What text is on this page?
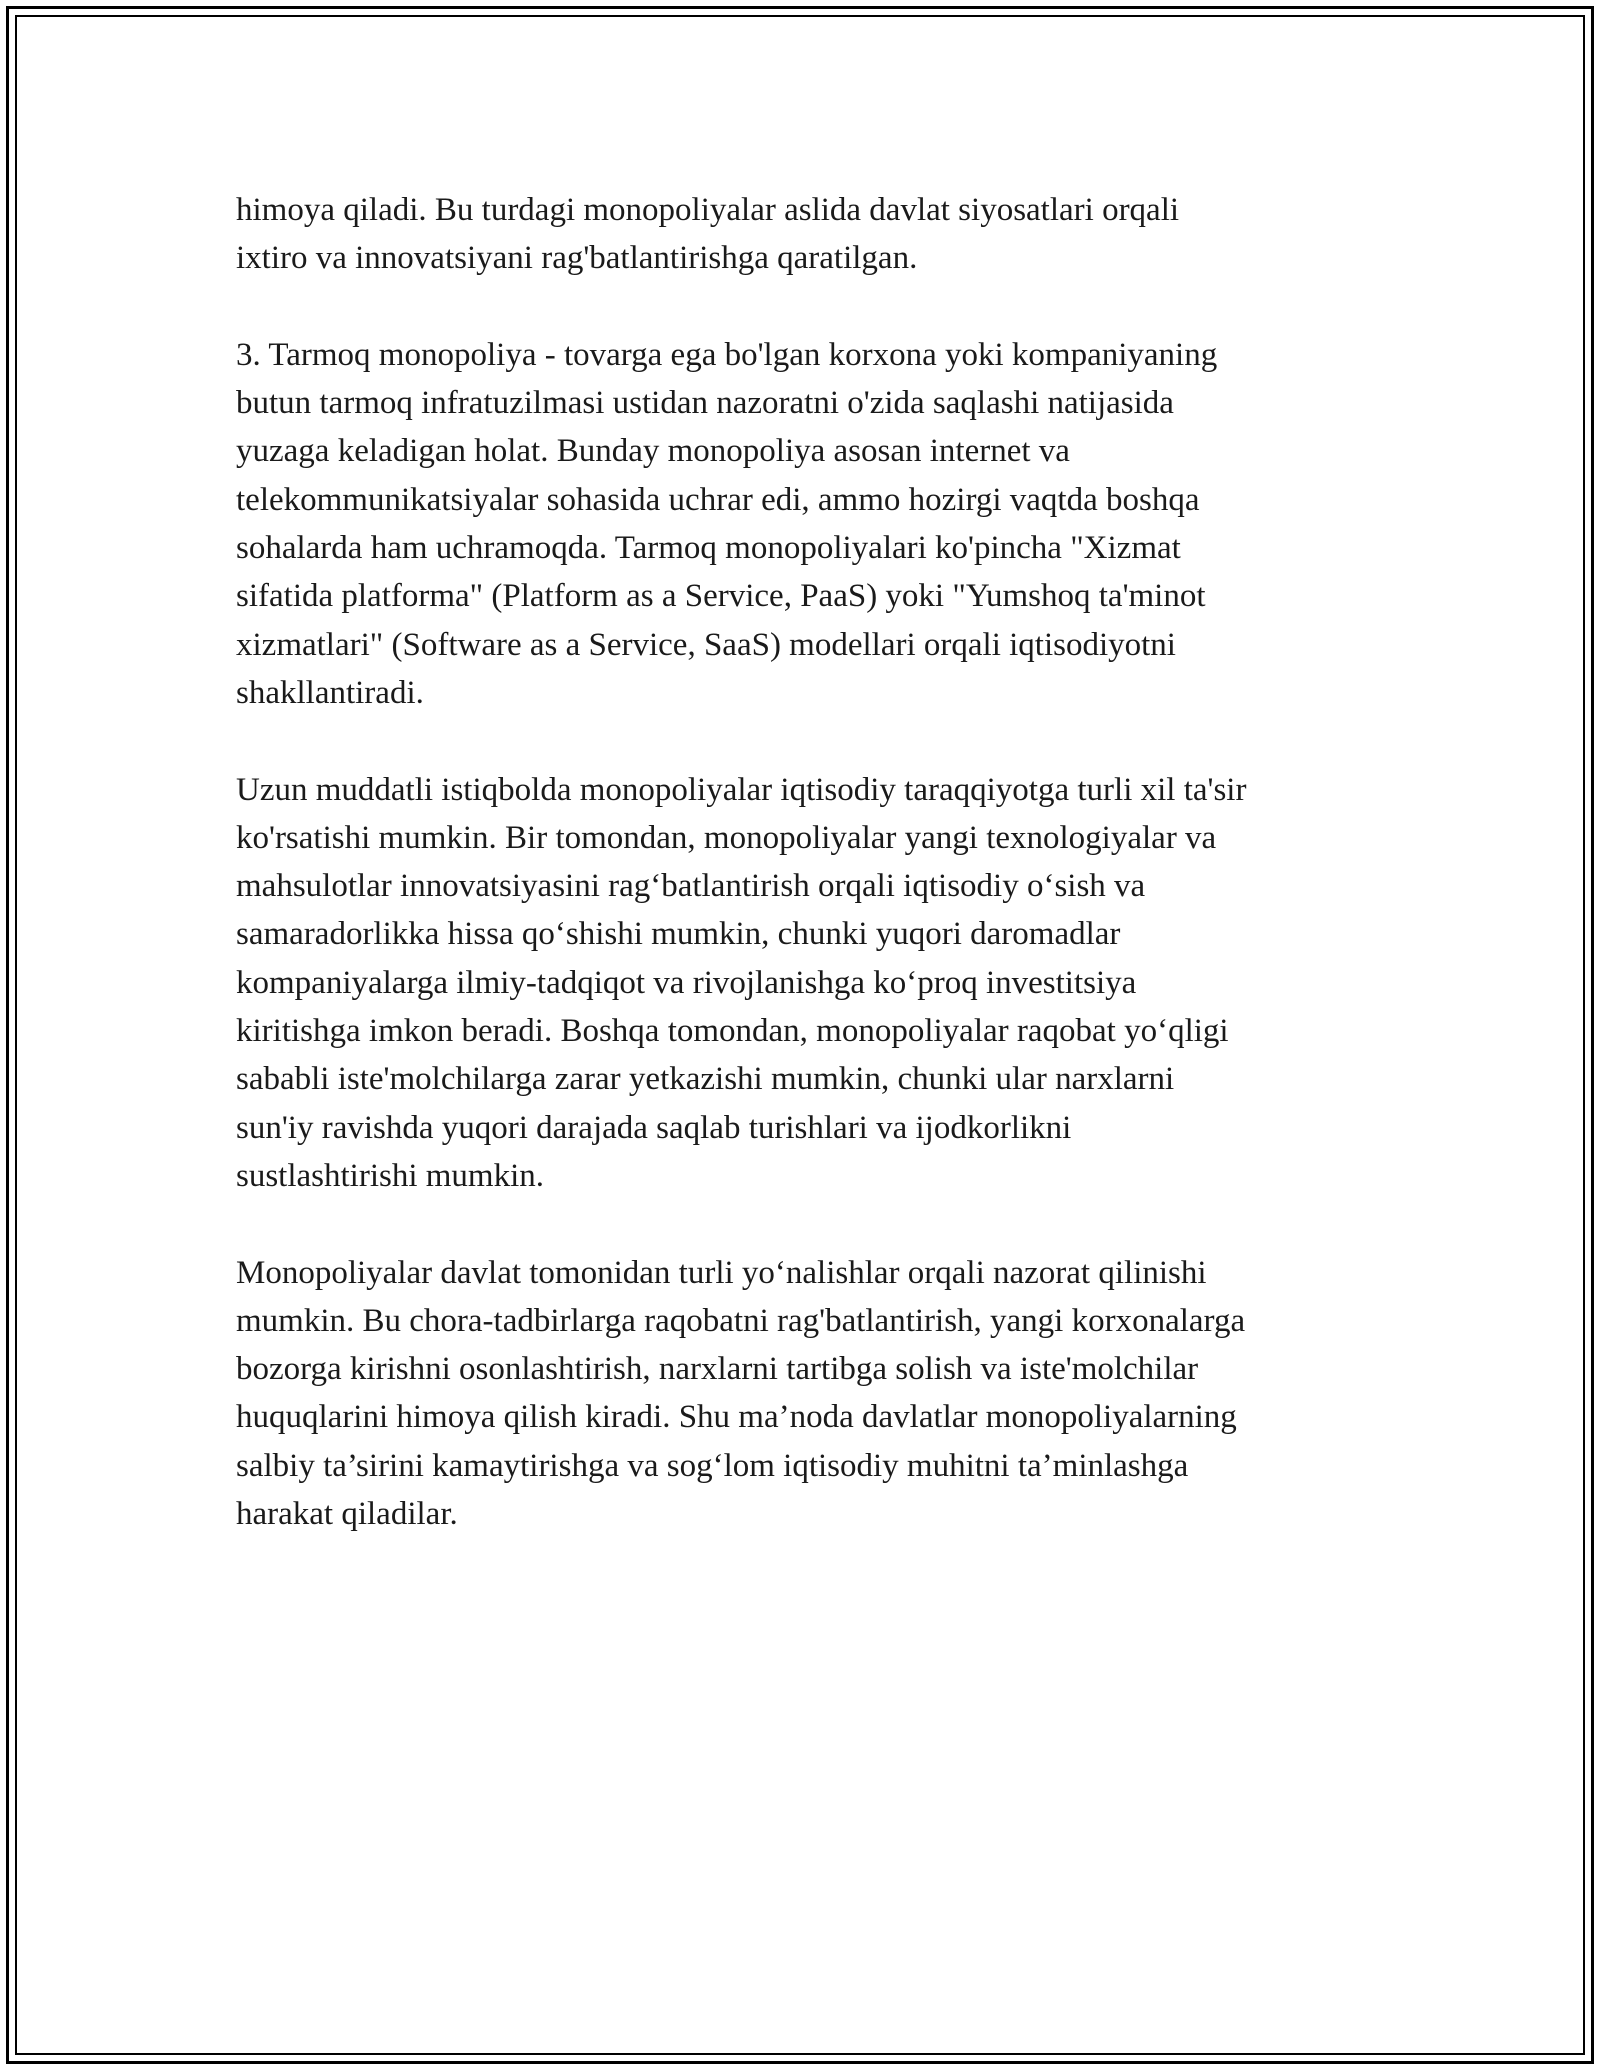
himoya qiladi. Bu turdagi monopoliyalar aslida davlat siyosatlari orqali
ixtiro va innovatsiyani rag'batlantirishga qaratilgan.

3. Tarmoq monopoliya - tovarga ega bo'lgan korxona yoki kompaniyaning
butun tarmoq infratuzilmasi ustidan nazoratni o'zida saqlashi natijasida
yuzaga keladigan holat. Bunday monopoliya asosan internet va
telekommunikatsiyalar sohasida uchrar edi, ammo hozirgi vaqtda boshqa
sohalarda ham uchramoqda. Tarmoq monopoliyalari ko'pincha "Xizmat
sifatida platforma" (Platform as a Service, PaaS) yoki "Yumshoq ta'minot
xizmatlari" (Software as a Service, SaaS) modellari orqali iqtisodiyotni
shakllantiradi.

Uzun muddatli istiqbolda monopoliyalar iqtisodiy taraqqiyotga turli xil ta'sir
ko'rsatishi mumkin. Bir tomondan, monopoliyalar yangi texnologiyalar va
mahsulotlar innovatsiyasini rag‘batlantirish orqali iqtisodiy o‘sish va
samaradorlikka hissa qo‘shishi mumkin, chunki yuqori daromadlar
kompaniyalarga ilmiy-tadqiqot va rivojlanishga ko‘proq investitsiya
kiritishga imkon beradi. Boshqa tomondan, monopoliyalar raqobat yo‘qligi
sababli iste'molchilarga zarar yetkazishi mumkin, chunki ular narxlarni
sun'iy ravishda yuqori darajada saqlab turishlari va ijodkorlikni
sustlashtirishi mumkin.

Monopoliyalar davlat tomonidan turli yo‘nalishlar orqali nazorat qilinishi
mumkin. Bu chora-tadbirlarga raqobatni rag'batlantirish, yangi korxonalarga
bozorga kirishni osonlashtirish, narxlarni tartibga solish va iste'molchilar
huquqlarini himoya qilish kiradi. Shu ma’noda davlatlar monopoliyalarning
salbiy ta’sirini kamaytirishga va sog‘lom iqtisodiy muhitni ta’minlashga
harakat qiladilar.
